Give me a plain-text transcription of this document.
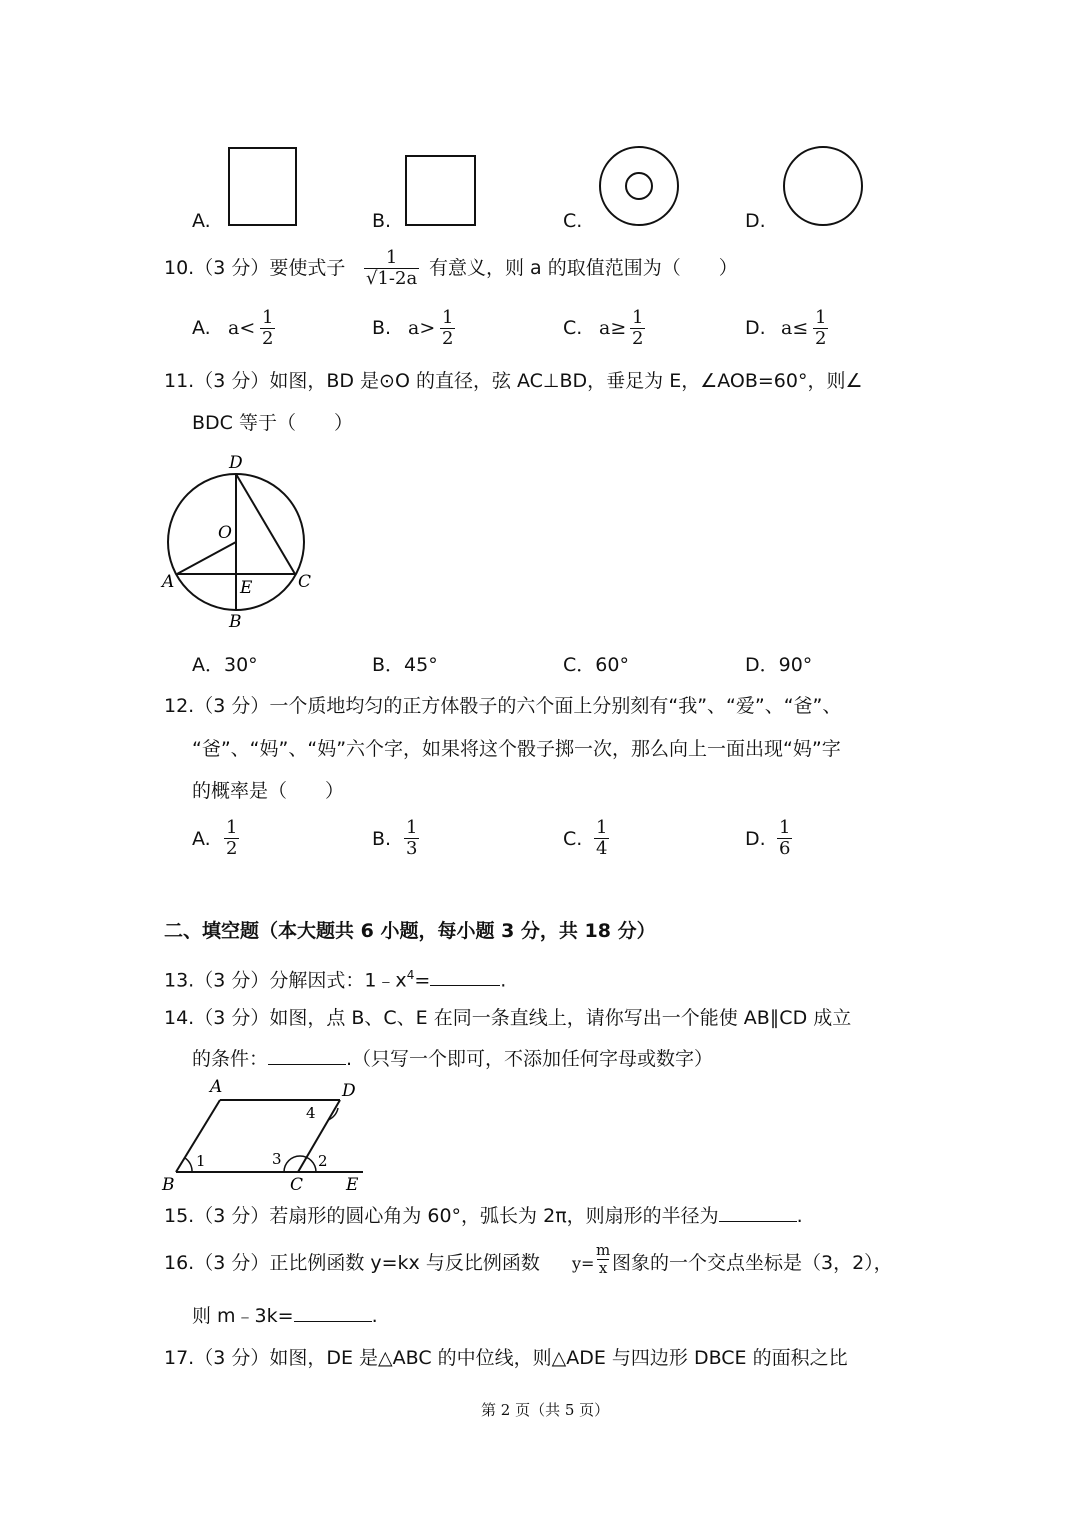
A.	B.	C.	D.
10.（3 分）要使式子 $\frac{1}{√1-2a}$ 有意义，则 a 的取值范围为（　　）
A. $a< \frac{1}{2}$	B. $a> \frac{1}{2}$	C. $a\ge \frac{1}{2}$	D. $a\le \frac{1}{2}$
11.（3 分）如图，BD 是⊙O 的直径，弦 AC⊥BD，垂足为 E，∠AOB=60°，则∠
BDC 等于（　　）
D
O
A	E	C
B
A．30°	B．45°	C．60°	D．90°
12.（3 分）一个质地均匀的正方体骰子的六个面上分别刻有“我”、“爱”、“爸”、
“爸”、“妈”、“妈”六个字，如果将这个骰子掷一次，那么向上一面出现“妈”字
的概率是（　　）
A. $\frac{1}{2}$	B. $\frac{1}{3}$	C. $\frac{1}{4}$	D. $\frac{1}{6}$
二、填空题（本大题共 6 小题，每小题 3 分，共 18 分）
13.（3 分）分解因式：$1﹣x^4=$	.
14.（3 分）如图，点 B、C、E 在同一条直线上，请你写出一个能使 AB∥CD 成立
的条件：	.（只写一个即可，不添加任何字母或数字）
A	D
B	C	E
1	2
3
4
15.（3 分）若扇形的圆心角为 60°，弧长为 2π，则扇形的半径为	.
16.（3 分）正比例函数 y=kx 与反比例函数 $y= \frac{m}{x}$ 图象的一个交点坐标是（3，2），
则 m﹣3k=	.
17.（3 分）如图，DE 是△ABC 的中位线，则△ADE 与四边形 DBCE 的面积之比
第 2 页（共 5 页）
